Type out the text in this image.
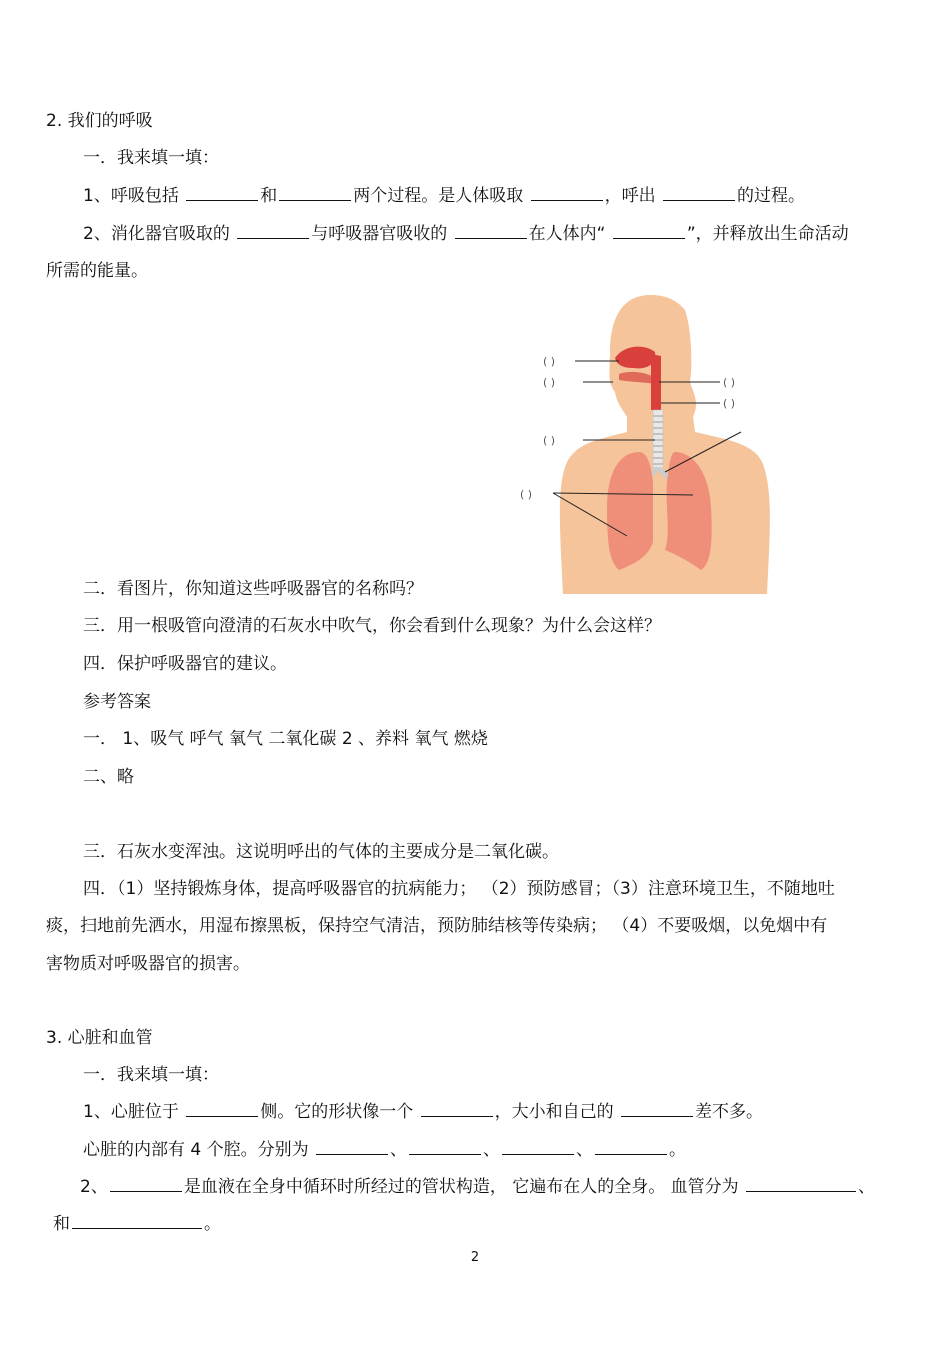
2. 我们的呼吸
一．我来填一填：
1、呼吸包括	和	两个过程。是人体吸取	，呼出	的过程。
2、消化器官吸取的	与呼吸器官吸收的	在人体内“	”，并释放出生命活动
所需的能量。
( )
( )	( )
( )
( )
( )
二．看图片，你知道这些呼吸器官的名称吗？
三．用一根吸管向澄清的石灰水中吹气，你会看到什么现象？为什么会这样？
四．保护呼吸器官的建议。
参考答案
一． 1、吸气 呼气 氧气 二氧化碳 2 、养料 氧气 燃烧
二、略
三．石灰水变浑浊。这说明呼出的气体的主要成分是二氧化碳。
四．（1）坚持锻炼身体，提高呼吸器官的抗病能力； （2）预防感冒；（3）注意环境卫生，不随地吐
痰，扫地前先洒水，用湿布擦黑板，保持空气清洁，预防肺结核等传染病； （4）不要吸烟，以免烟中有
害物质对呼吸器官的损害。
3. 心脏和血管
一．我来填一填：
1、心脏位于	侧。它的形状像一个	，大小和自己的	差不多。
心脏的内部有 4 个腔。分别为	、	、	、	。
2、	是血液在全身中循环时所经过的管状构造， 它遍布在人的全身。 血管分为	、
和	。
2
